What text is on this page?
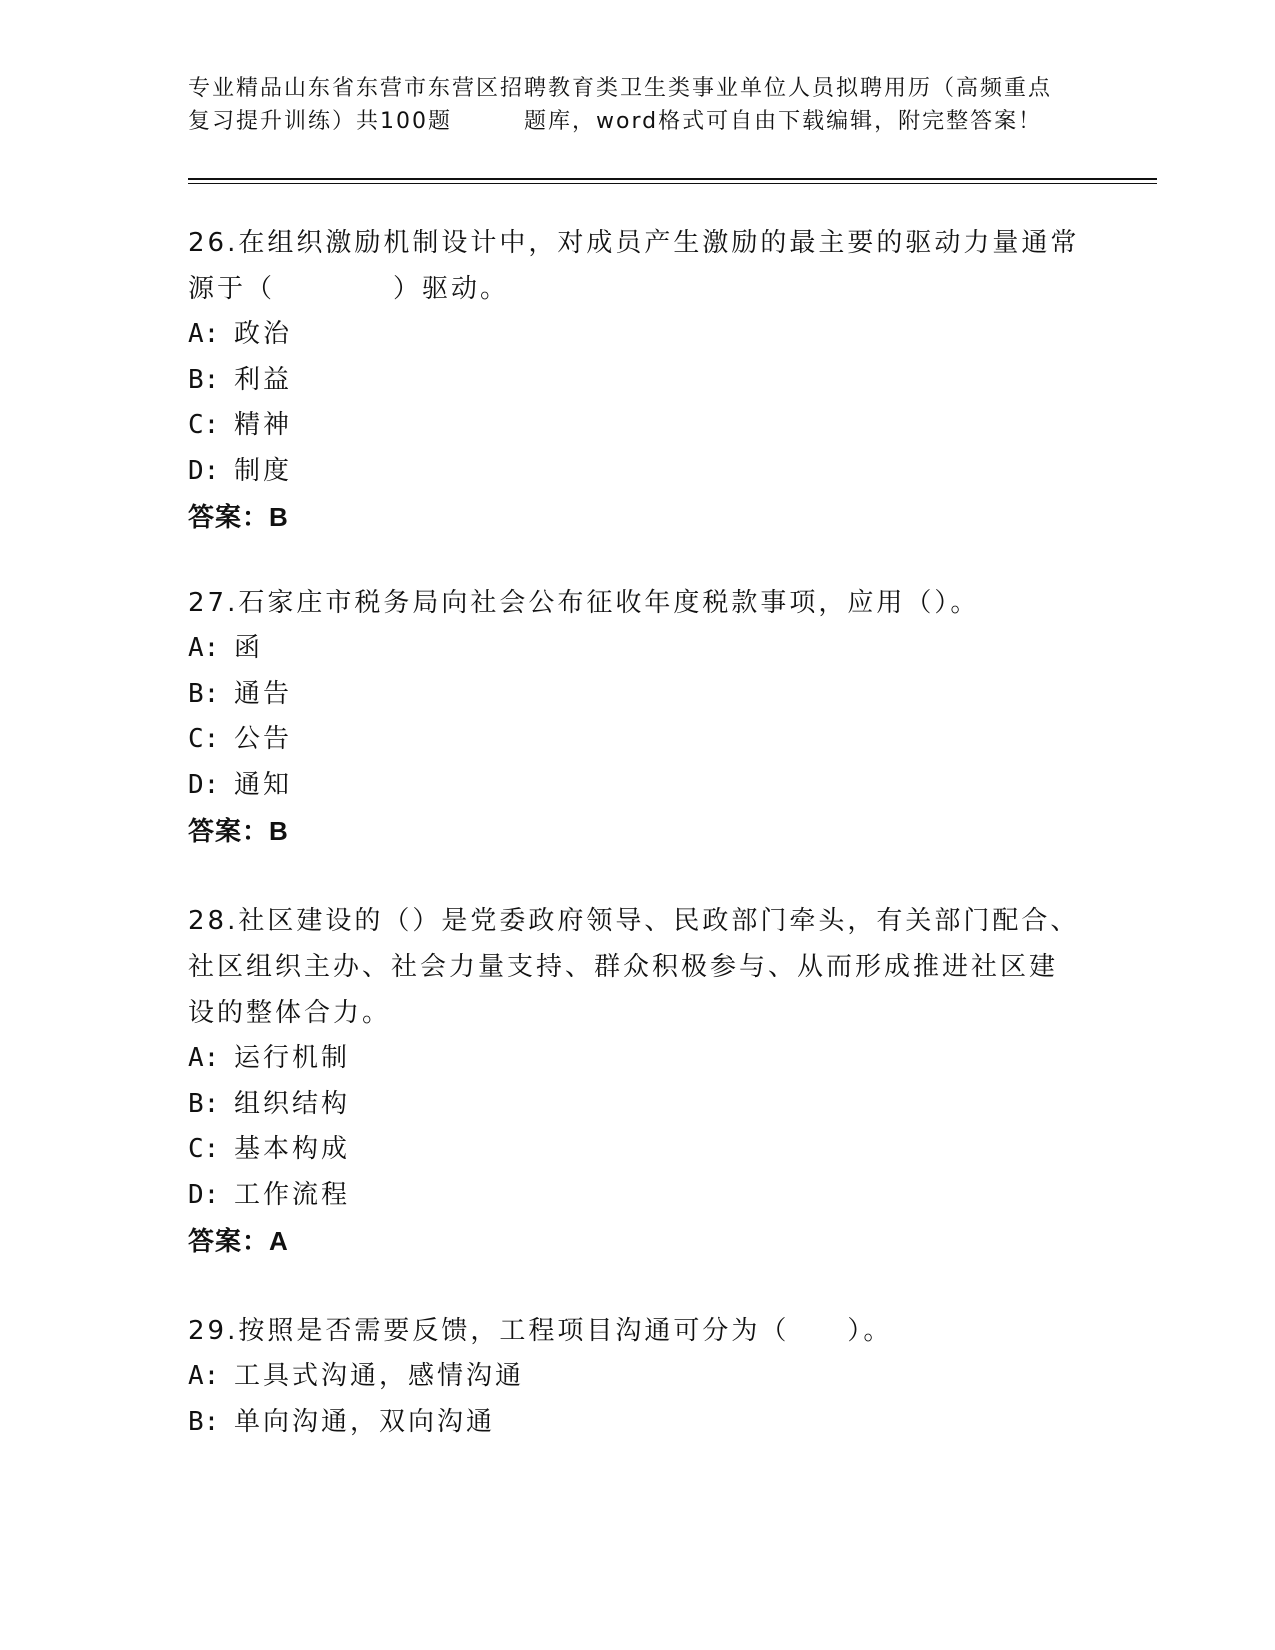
专业精品山东省东营市东营区招聘教育类卫生类事业单位人员拟聘用历（高频重点
复习提升训练）共100题	题库，word格式可自由下载编辑，附完整答案！
26.在组织激励机制设计中，对成员产生激励的最主要的驱动力量通常
源于（	）驱动。
A: 政治
B: 利益
C: 精神
D: 制度
答案：B
27.石家庄市税务局向社会公布征收年度税款事项，应用（）。
A: 函
B: 通告
C: 公告
D: 通知
答案：B
28.社区建设的（）是党委政府领导、民政部门牵头，有关部门配合、
社区组织主办、社会力量支持、群众积极参与、从而形成推进社区建
设的整体合力。
A: 运行机制
B: 组织结构
C: 基本构成
D: 工作流程
答案：A
29.按照是否需要反馈，工程项目沟通可分为（ ）。
A: 工具式沟通，感情沟通
B: 单向沟通，双向沟通
